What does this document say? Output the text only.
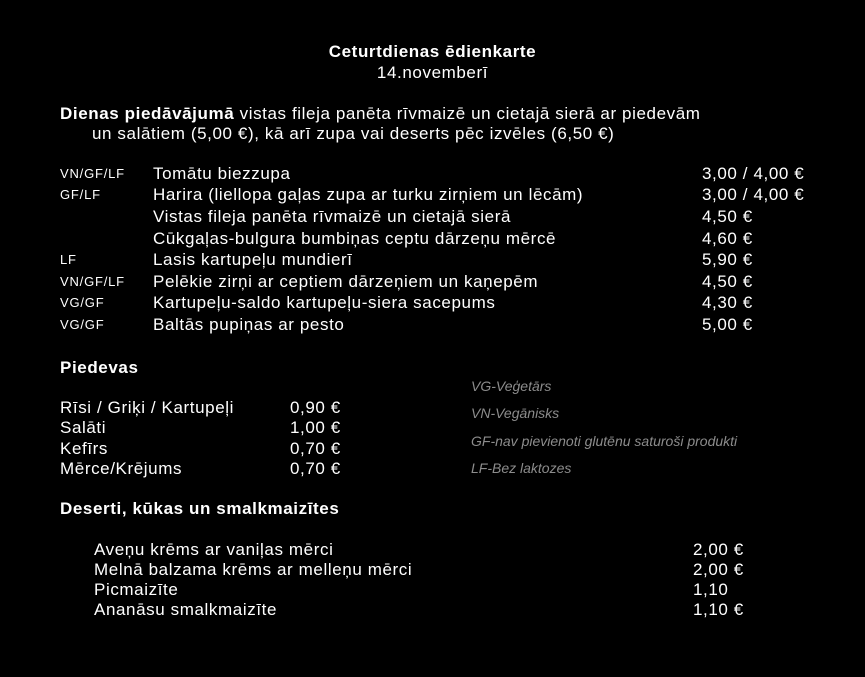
Ceturtdienas ēdienkarte
14.novemberī
Dienas piedāvājumā vistas fileja panēta rīvmaizē un cietajā sierā ar piedevām
un salātiem (5,00 €), kā arī zupa vai deserts pēc izvēles (6,50 €)
VN/GF/LF Tomātu biezzupa	3,00 / 4,00 €
GF/LF	Harira (liellopa gaļas zupa ar turku zirņiem un lēcām)	3,00 / 4,00 €
Vistas fileja panēta rīvmaizē un cietajā sierā	4,50 €
Cūkgaļas-bulgura bumbiņas ceptu dārzeņu mērcē	4,60 €
LF	Lasis kartupeļu mundierī	5,90 €
VN/GF/LF Pelēkie zirņi ar ceptiem dārzeņiem un kaņepēm	4,50 €
VG/GF	Kartupeļu-saldo kartupeļu-siera sacepums	4,30 €
VG/GF	Baltās pupiņas ar pesto	5,00 €
Piedevas
Rīsi / Griķi / Kartupeļi	0,90 €
Salāti	1,00 €
Kefīrs	0,70 €
Mērce/Krējums	0,70 €
VG-Veģetārs
VN-Vegānisks
GF-nav pievienoti glutēnu saturoši produkti
LF-Bez laktozes
Deserti, kūkas un smalkmaizītes
Aveņu krēms ar vaniļas mērci	2,00 €
Melnā balzama krēms ar melleņu mērci	2,00 €
Picmaizīte	1,10
Ananāsu smalkmaizīte	1,10 €
